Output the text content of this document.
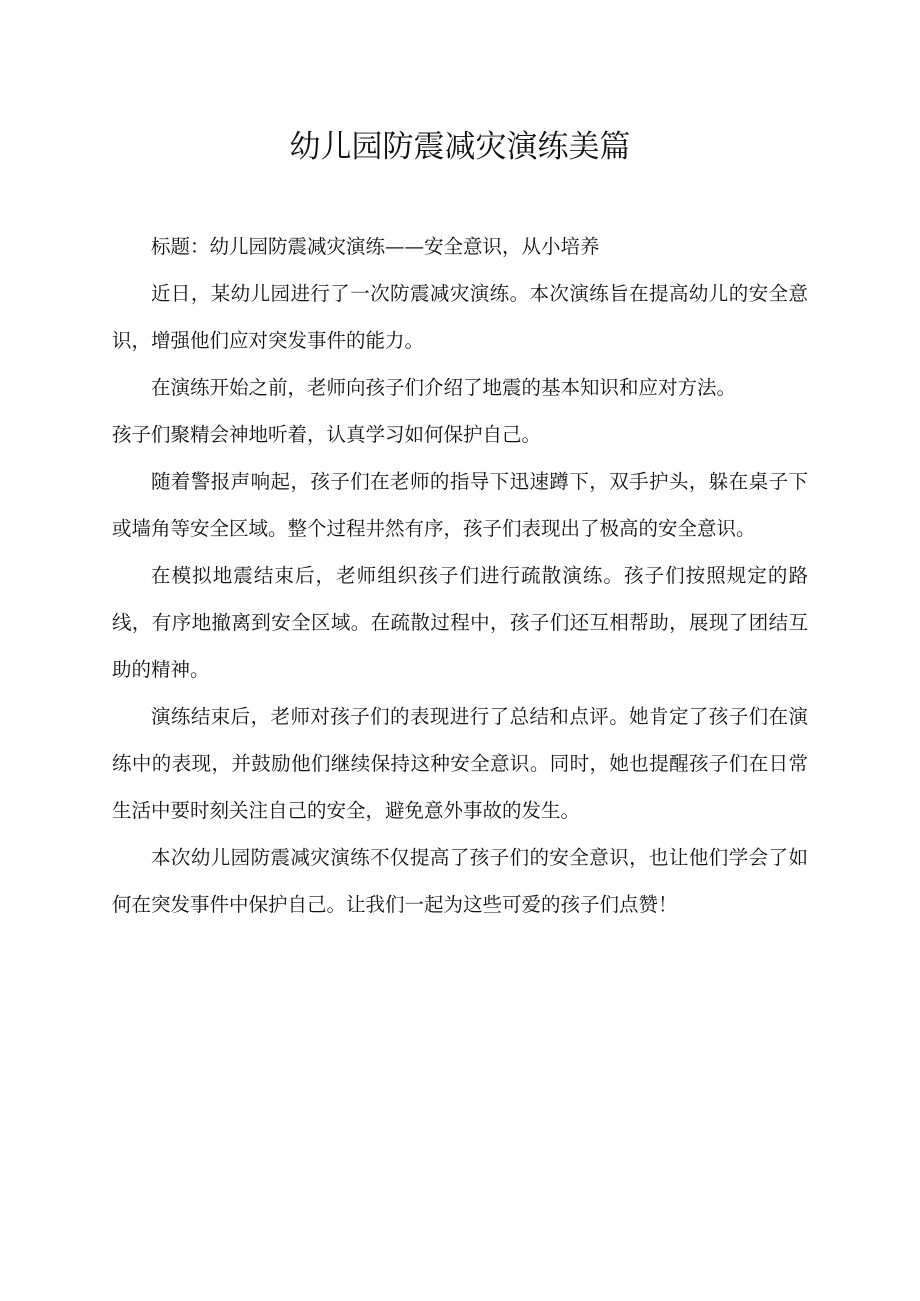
幼儿园防震减灾演练美篇

标题：幼儿园防震减灾演练——安全意识，从小培养

近日，某幼儿园进行了一次防震减灾演练。本次演练旨在提高幼儿的安全意识，增强他们应对突发事件的能力。

在演练开始之前，老师向孩子们介绍了地震的基本知识和应对方法。

孩子们聚精会神地听着，认真学习如何保护自己。

随着警报声响起，孩子们在老师的指导下迅速蹲下，双手护头，躲在桌子下或墙角等安全区域。整个过程井然有序，孩子们表现出了极高的安全意识。

在模拟地震结束后，老师组织孩子们进行疏散演练。孩子们按照规定的路线，有序地撤离到安全区域。在疏散过程中，孩子们还互相帮助，展现了团结互助的精神。

演练结束后，老师对孩子们的表现进行了总结和点评。她肯定了孩子们在演练中的表现，并鼓励他们继续保持这种安全意识。同时，她也提醒孩子们在日常生活中要时刻关注自己的安全，避免意外事故的发生。

本次幼儿园防震减灾演练不仅提高了孩子们的安全意识，也让他们学会了如何在突发事件中保护自己。让我们一起为这些可爱的孩子们点赞！
